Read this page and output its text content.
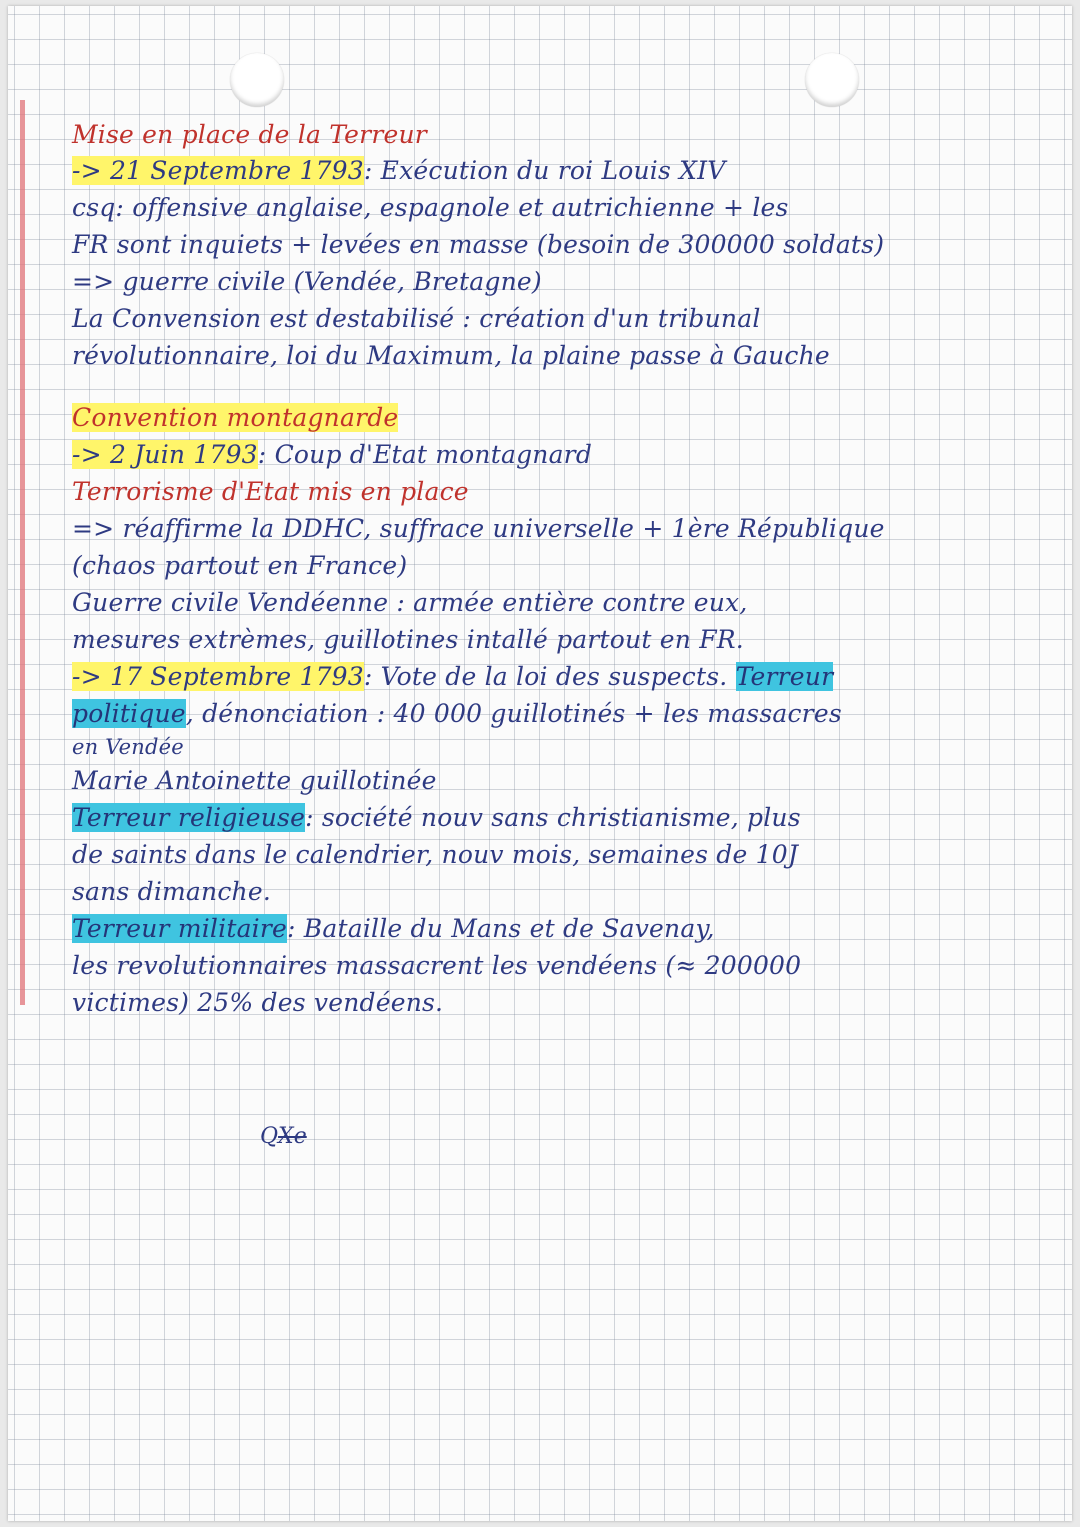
Mise en place de la Terreur
-> 21 Septembre 1793: Exécution du roi Louis XIV
csq: offensive anglaise, espagnole et autrichienne + les
FR sont inquiets + levées en masse (besoin de 300000 soldats)
=> guerre civile (Vendée, Bretagne)
La Convension est destabilisé : création d'un tribunal
révolutionnaire, loi du Maximum, la plaine passe à Gauche
Convention montagnarde
-> 2 Juin 1793: Coup d'Etat montagnard
Terrorisme d'Etat mis en place
=> réaffirme la DDHC, suffrace universelle + 1ère République
(chaos partout en France)
Guerre civile Vendéenne : armée entière contre eux,
mesures extrèmes, guillotines intallé partout en FR.
-> 17 Septembre 1793: Vote de la loi des suspects. Terreur
politique, dénonciation : 40 000 guillotinés + les massacres
en Vendée
Marie Antoinette guillotinée
Terreur religieuse: société nouv sans christianisme, plus
de saints dans le calendrier, nouv mois, semaines de 10J
sans dimanche.
Terreur militaire: Bataille du Mans et de Savenay,
les revolutionnaires massacrent les vendéens (≈ 200000
victimes) 25% des vendéens.
QXe
